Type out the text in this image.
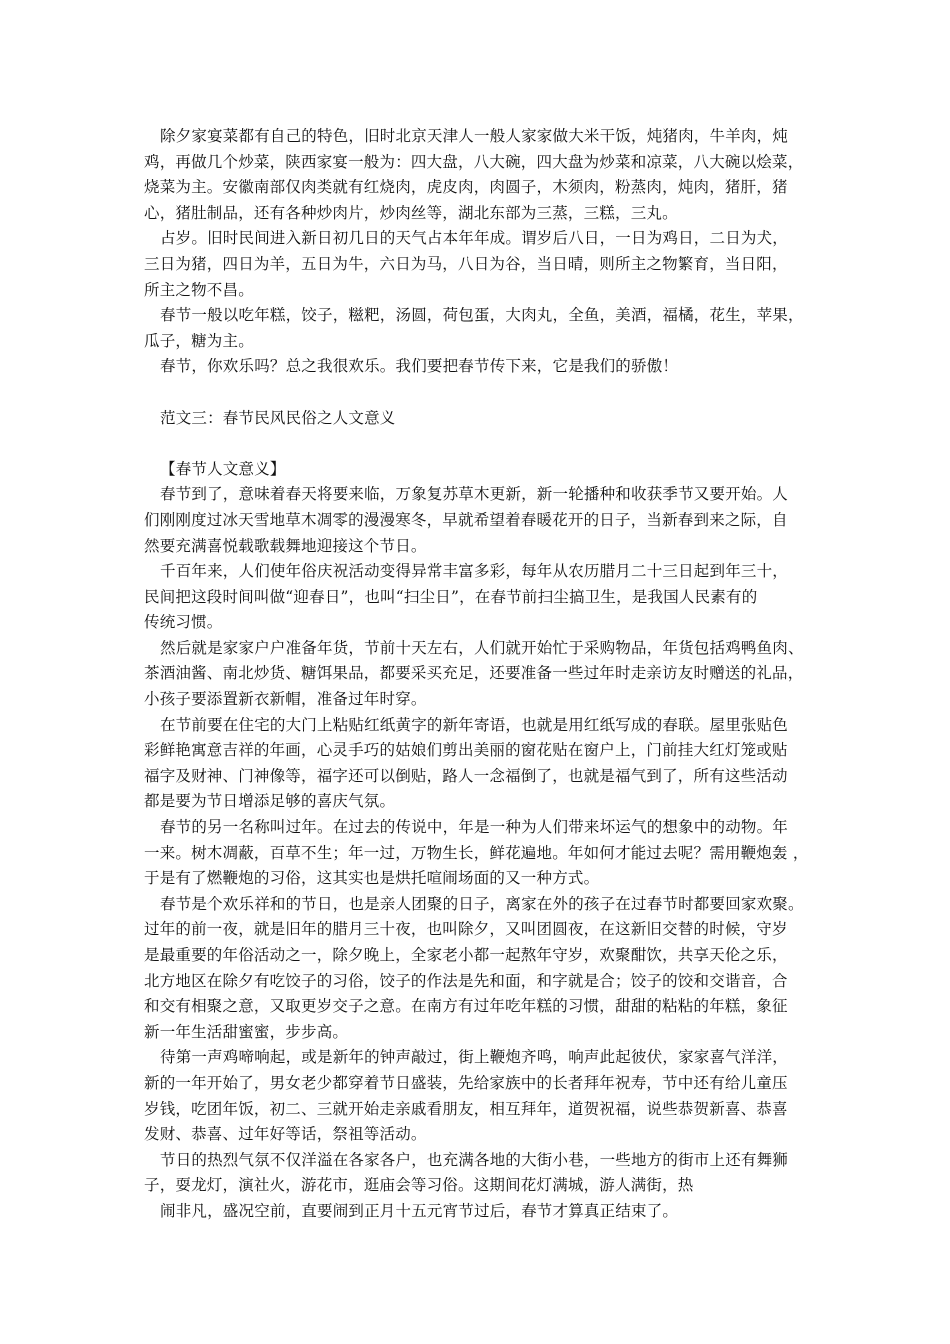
除夕家宴菜都有自己的特色，旧时北京天津人一般人家家做大米干饭，炖猪肉，牛羊肉，炖
鸡，再做几个炒菜，陕西家宴一般为：四大盘，八大碗，四大盘为炒菜和凉菜，八大碗以烩菜，
烧菜为主。安徽南部仅肉类就有红烧肉，虎皮肉，肉圆子，木须肉，粉蒸肉，炖肉，猪肝，猪
心，猪肚制品，还有各种炒肉片，炒肉丝等，湖北东部为三蒸，三糕，三丸。
占岁。旧时民间进入新日初几日的天气占本年年成。谓岁后八日，一日为鸡日，二日为犬，
三日为猪，四日为羊，五日为牛，六日为马，八日为谷，当日晴，则所主之物繁育，当日阳，
所主之物不昌。
春节一般以吃年糕，饺子，糍粑，汤圆，荷包蛋，大肉丸，全鱼，美酒，福橘，花生，苹果，
瓜子，糖为主。
春节，你欢乐吗？总之我很欢乐。我们要把春节传下来，它是我们的骄傲！
范文三：春节民风民俗之人文意义
【春节人文意义】
春节到了，意味着春天将要来临，万象复苏草木更新，新一轮播种和收获季节又要开始。人
们刚刚度过冰天雪地草木凋零的漫漫寒冬，早就希望着春暖花开的日子，当新春到来之际，自
然要充满喜悦载歌载舞地迎接这个节日。
千百年来，人们使年俗庆祝活动变得异常丰富多彩，每年从农历腊月二十三日起到年三十，
民间把这段时间叫做“迎春日”，也叫“扫尘日”，在春节前扫尘搞卫生，是我国人民素有的
传统习惯。
然后就是家家户户准备年货，节前十天左右，人们就开始忙于采购物品，年货包括鸡鸭鱼肉、
茶酒油酱、南北炒货、糖饵果品，都要采买充足，还要准备一些过年时走亲访友时赠送的礼品，
小孩子要添置新衣新帽，准备过年时穿。
在节前要在住宅的大门上粘贴红纸黄字的新年寄语，也就是用红纸写成的春联。屋里张贴色
彩鲜艳寓意吉祥的年画，心灵手巧的姑娘们剪出美丽的窗花贴在窗户上，门前挂大红灯笼或贴
福字及财神、门神像等，福字还可以倒贴，路人一念福倒了，也就是福气到了，所有这些活动
都是要为节日增添足够的喜庆气氛。
春节的另一名称叫过年。在过去的传说中，年是一种为人们带来坏运气的想象中的动物。年
一来。树木凋蔽，百草不生；年一过，万物生长，鲜花遍地。年如何才能过去呢？需用鞭炮轰 ，
于是有了燃鞭炮的习俗，这其实也是烘托喧闹场面的又一种方式。
春节是个欢乐祥和的节日，也是亲人团聚的日子，离家在外的孩子在过春节时都要回家欢聚。
过年的前一夜，就是旧年的腊月三十夜，也叫除夕，又叫团圆夜，在这新旧交替的时候，守岁
是最重要的年俗活动之一，除夕晚上，全家老小都一起熬年守岁，欢聚酣饮，共享天伦之乐，
北方地区在除夕有吃饺子的习俗，饺子的作法是先和面，和字就是合；饺子的饺和交谐音，合
和交有相聚之意，又取更岁交子之意。在南方有过年吃年糕的习惯，甜甜的粘粘的年糕，象征
新一年生活甜蜜蜜，步步高。
待第一声鸡啼响起，或是新年的钟声敲过，街上鞭炮齐鸣，响声此起彼伏，家家喜气洋洋，
新的一年开始了，男女老少都穿着节日盛装，先给家族中的长者拜年祝寿，节中还有给儿童压
岁钱，吃团年饭，初二、三就开始走亲戚看朋友，相互拜年，道贺祝福，说些恭贺新喜、恭喜
发财、恭喜、过年好等话，祭祖等活动。
节日的热烈气氛不仅洋溢在各家各户，也充满各地的大街小巷，一些地方的街市上还有舞狮
子，耍龙灯，演社火，游花市，逛庙会等习俗。这期间花灯满城，游人满街，热
闹非凡，盛况空前，直要闹到正月十五元宵节过后，春节才算真正结束了。
